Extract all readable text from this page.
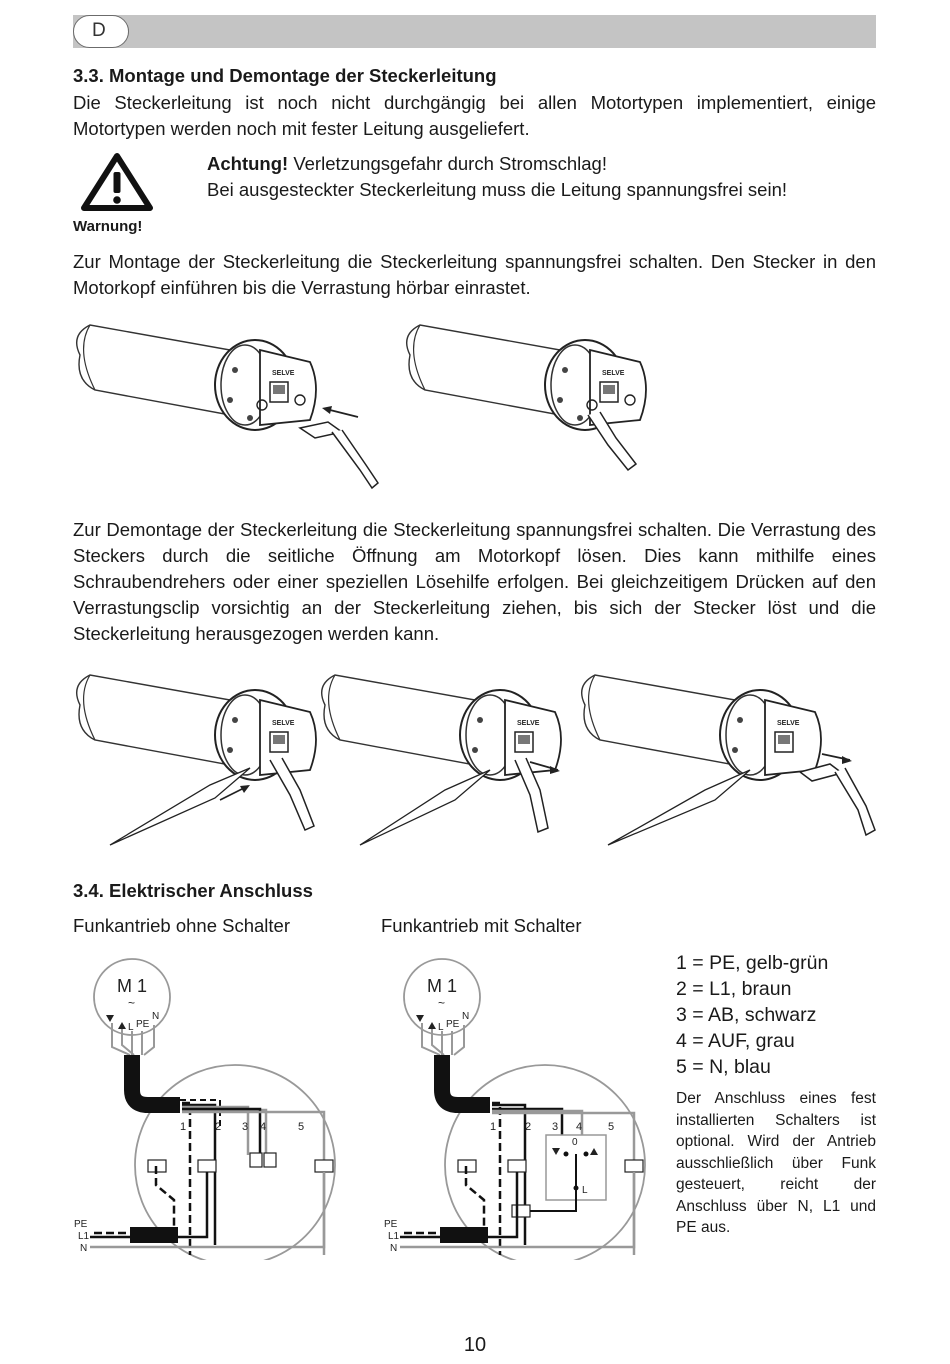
D
3.3. Montage und Demontage der Steckerleitung

Die Steckerleitung ist noch nicht durchgängig bei allen Motortypen implementiert, einige Motortypen werden noch mit fester Leitung ausgeliefert.

Warnung!
Achtung! Verletzungsgefahr durch Stromschlag!
Bei ausgesteckter Steckerleitung muss die Leitung spannungsfrei sein!

Zur Montage der Steckerleitung die Steckerleitung spannungsfrei schalten. Den Stecker in den Motorkopf einführen bis die Verrastung hörbar einrastet.

Zur Demontage der Steckerleitung die Steckerleitung spannungsfrei schalten. Die Verrastung des Steckers durch die seitliche Öffnung am Motorkopf lösen. Dies kann mithilfe eines Schraubendrehers oder einer speziellen Lösehilfe erfolgen. Bei gleichzeitigem Drücken auf den Verrastungsclip vorsichtig an der Steckerleitung ziehen, bis sich der Stecker löst und die Steckerleitung herausgezogen werden kann.

3.4. Elektrischer Anschluss
Funkantrieb ohne Schalter	Funkantrieb mit Schalter
M 1
~
L PE
N
1	2 3 4	5
PE
L1
N
M 1
~
L PE
N
1	2 3 4 5
0
L
PE
L1
N
1 = PE, gelb-grün
2 = L1, braun
3 = AB, schwarz
4 = AUF, grau
5 = N, blau
Der Anschluss eines fest installierten Schalters ist optional. Wird der Antrieb ausschließlich über Funk gesteuert, reicht der Anschluss über N, L1 und PE aus.
10
